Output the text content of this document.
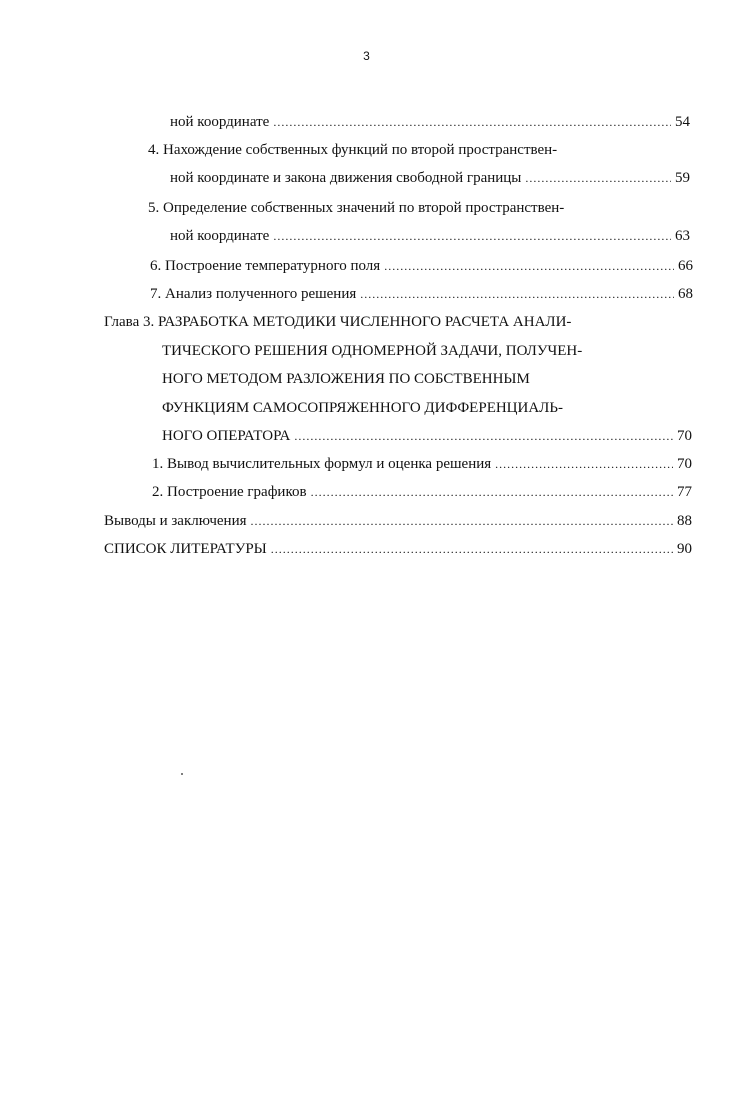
3
ной координате .....	54
4. Нахождение собственных функций по второй пространствен-
ной координате и закона движения свободной границы .....	59
5. Определение собственных значений по второй пространствен-
ной координате .....	63
6. Построение температурного поля .....	66
7. Анализ полученного решения .....	68
Глава 3. РАЗРАБОТКА МЕТОДИКИ ЧИСЛЕННОГО РАСЧЕТА АНАЛИ-
ТИЧЕСКОГО РЕШЕНИЯ ОДНОМЕРНОЙ ЗАДАЧИ, ПОЛУЧЕН-
НОГО МЕТОДОМ РАЗЛОЖЕНИЯ ПО СОБСТВЕННЫМ
ФУНКЦИЯМ САМОСОПРЯЖЕННОГО ДИФФЕРЕНЦИАЛЬ-
НОГО ОПЕРАТОРА .....	70
1. Вывод вычислительных формул и оценка решения .....	70
2. Построение графиков .....	77
Выводы и заключения .....	88
СПИСОК ЛИТЕРАТУРЫ .....	90
